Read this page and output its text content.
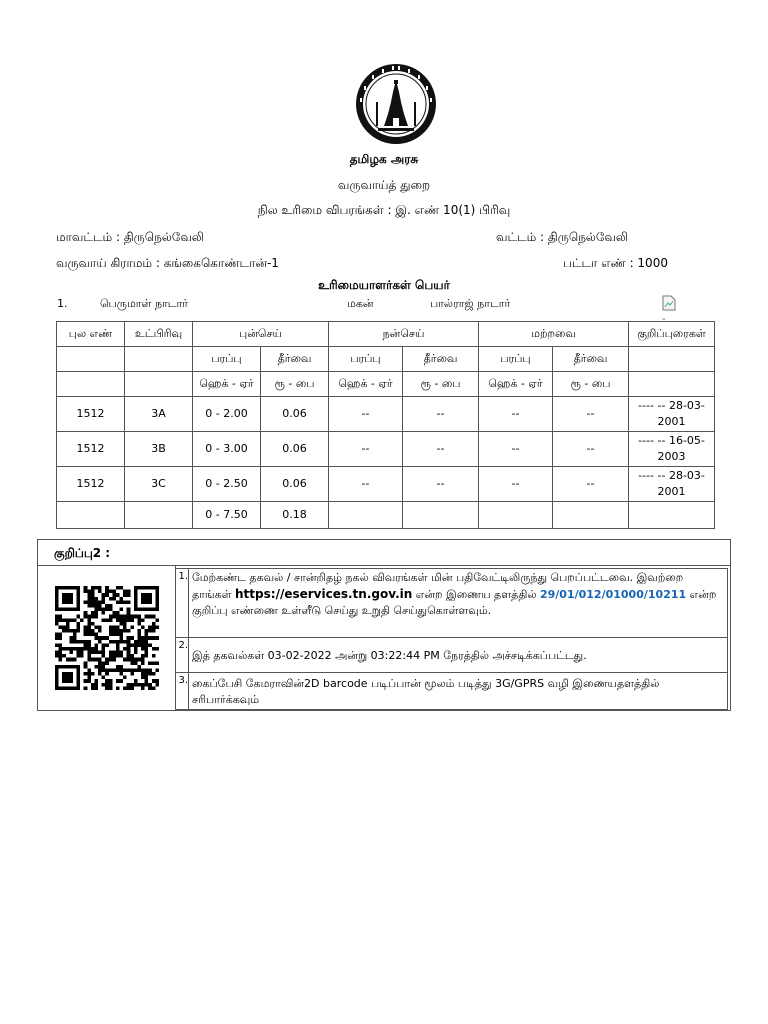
தமிழக அரசு
வருவாய்த் துறை
நில உரிமை விபரங்கள் : இ. எண் 10(1) பிரிவு
மாவட்டம் : திருநெல்வேலி	வட்டம் : திருநெல்வேலி
வருவாய் கிராமம் : கங்கைகொண்டான்-1	பட்டா எண் : 1000
உரிமையாளர்கள் பெயர்
1.	பெருமாள் நாடார்	மகன்	பால்ராஜ் நாடார்
-
புல எண்	உட்பிரிவு	புன்செய்		நன்செய்		மற்றவை		குறிப்புரைகள்
		பரப்பு	தீர்வை	பரப்பு	தீர்வை	பரப்பு	தீர்வை	
		ஹெக் - ஏர்	ரூ - பை	ஹெக் - ஏர்	ரூ - பை	ஹெக் - ஏர்	ரூ - பை	
1512	3A	0 - 2.00	0.06	--	--	--	--	---- -- 28-03-2001
1512	3B	0 - 3.00	0.06	--	--	--	--	---- -- 16-05-2003
1512	3C	0 - 2.50	0.06	--	--	--	--	---- -- 28-03-2001
		0 - 7.50	0.18					
குறிப்பு2 :
1. மேற்கண்ட தகவல் / சான்றிதழ் நகல் விவரங்கள் மின் பதிவேட்டிலிருந்து பெறப்பட்டவை. இவற்றை தாங்கள் https://eservices.tn.gov.in என்ற இணைய தளத்தில் 29/01/012/01000/10211 என்ற குறிப்பு எண்ணை உள்ளீடு செய்து உறுதி செய்துகொள்ளவும்.
2.
இத் தகவல்கள் 03-02-2022 அன்று 03:22:44 PM நேரத்தில் அச்சடிக்கப்பட்டது.
3. கைப்பேசி கேமராவின்2D barcode படிப்பான் மூலம் படித்து 3G/GPRS வழி இணையதளத்தில் சரிபார்க்கவும்
